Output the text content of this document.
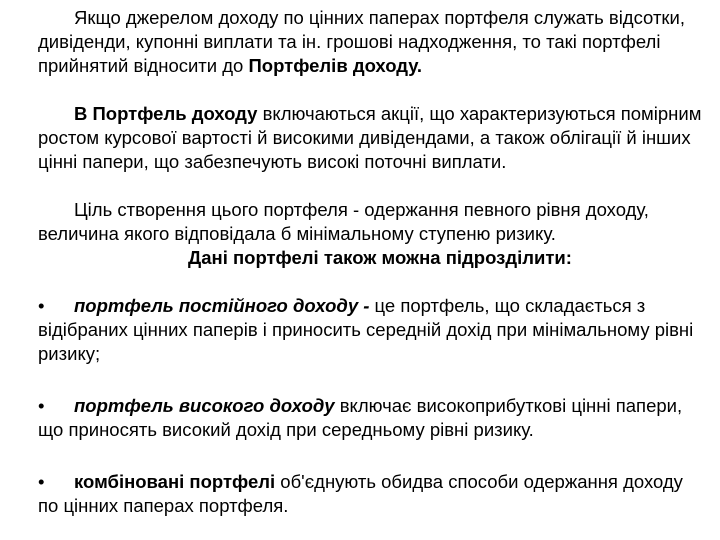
Якщо джерелом доходу по цінних паперах портфеля служать відсотки, дивіденди, купонні виплати та ін. грошові надходження, то такі портфелі прийнятий відносити до Портфелів доходу.

В Портфель доходу включаються акції, що характеризуються помірним ростом курсової вартості й високими дивідендами, а також облігації й інших цінні папери, що забезпечують високі поточні виплати.

Ціль створення цього портфеля - одержання певного рівня доходу, величина якого відповідала б мінімальному ступеню ризику.

Дані портфелі також можна підрозділити:

• портфель постійного доходу - це портфель, що складається з відібраних цінних паперів і приносить середній дохід при мінімальному рівні ризику;

• портфель високого доходу включає високоприбуткові цінні папери, що приносять високий дохід при середньому рівні ризику.

• комбіновані портфелі об'єднують обидва способи одержання доходу по цінних паперах портфеля.
